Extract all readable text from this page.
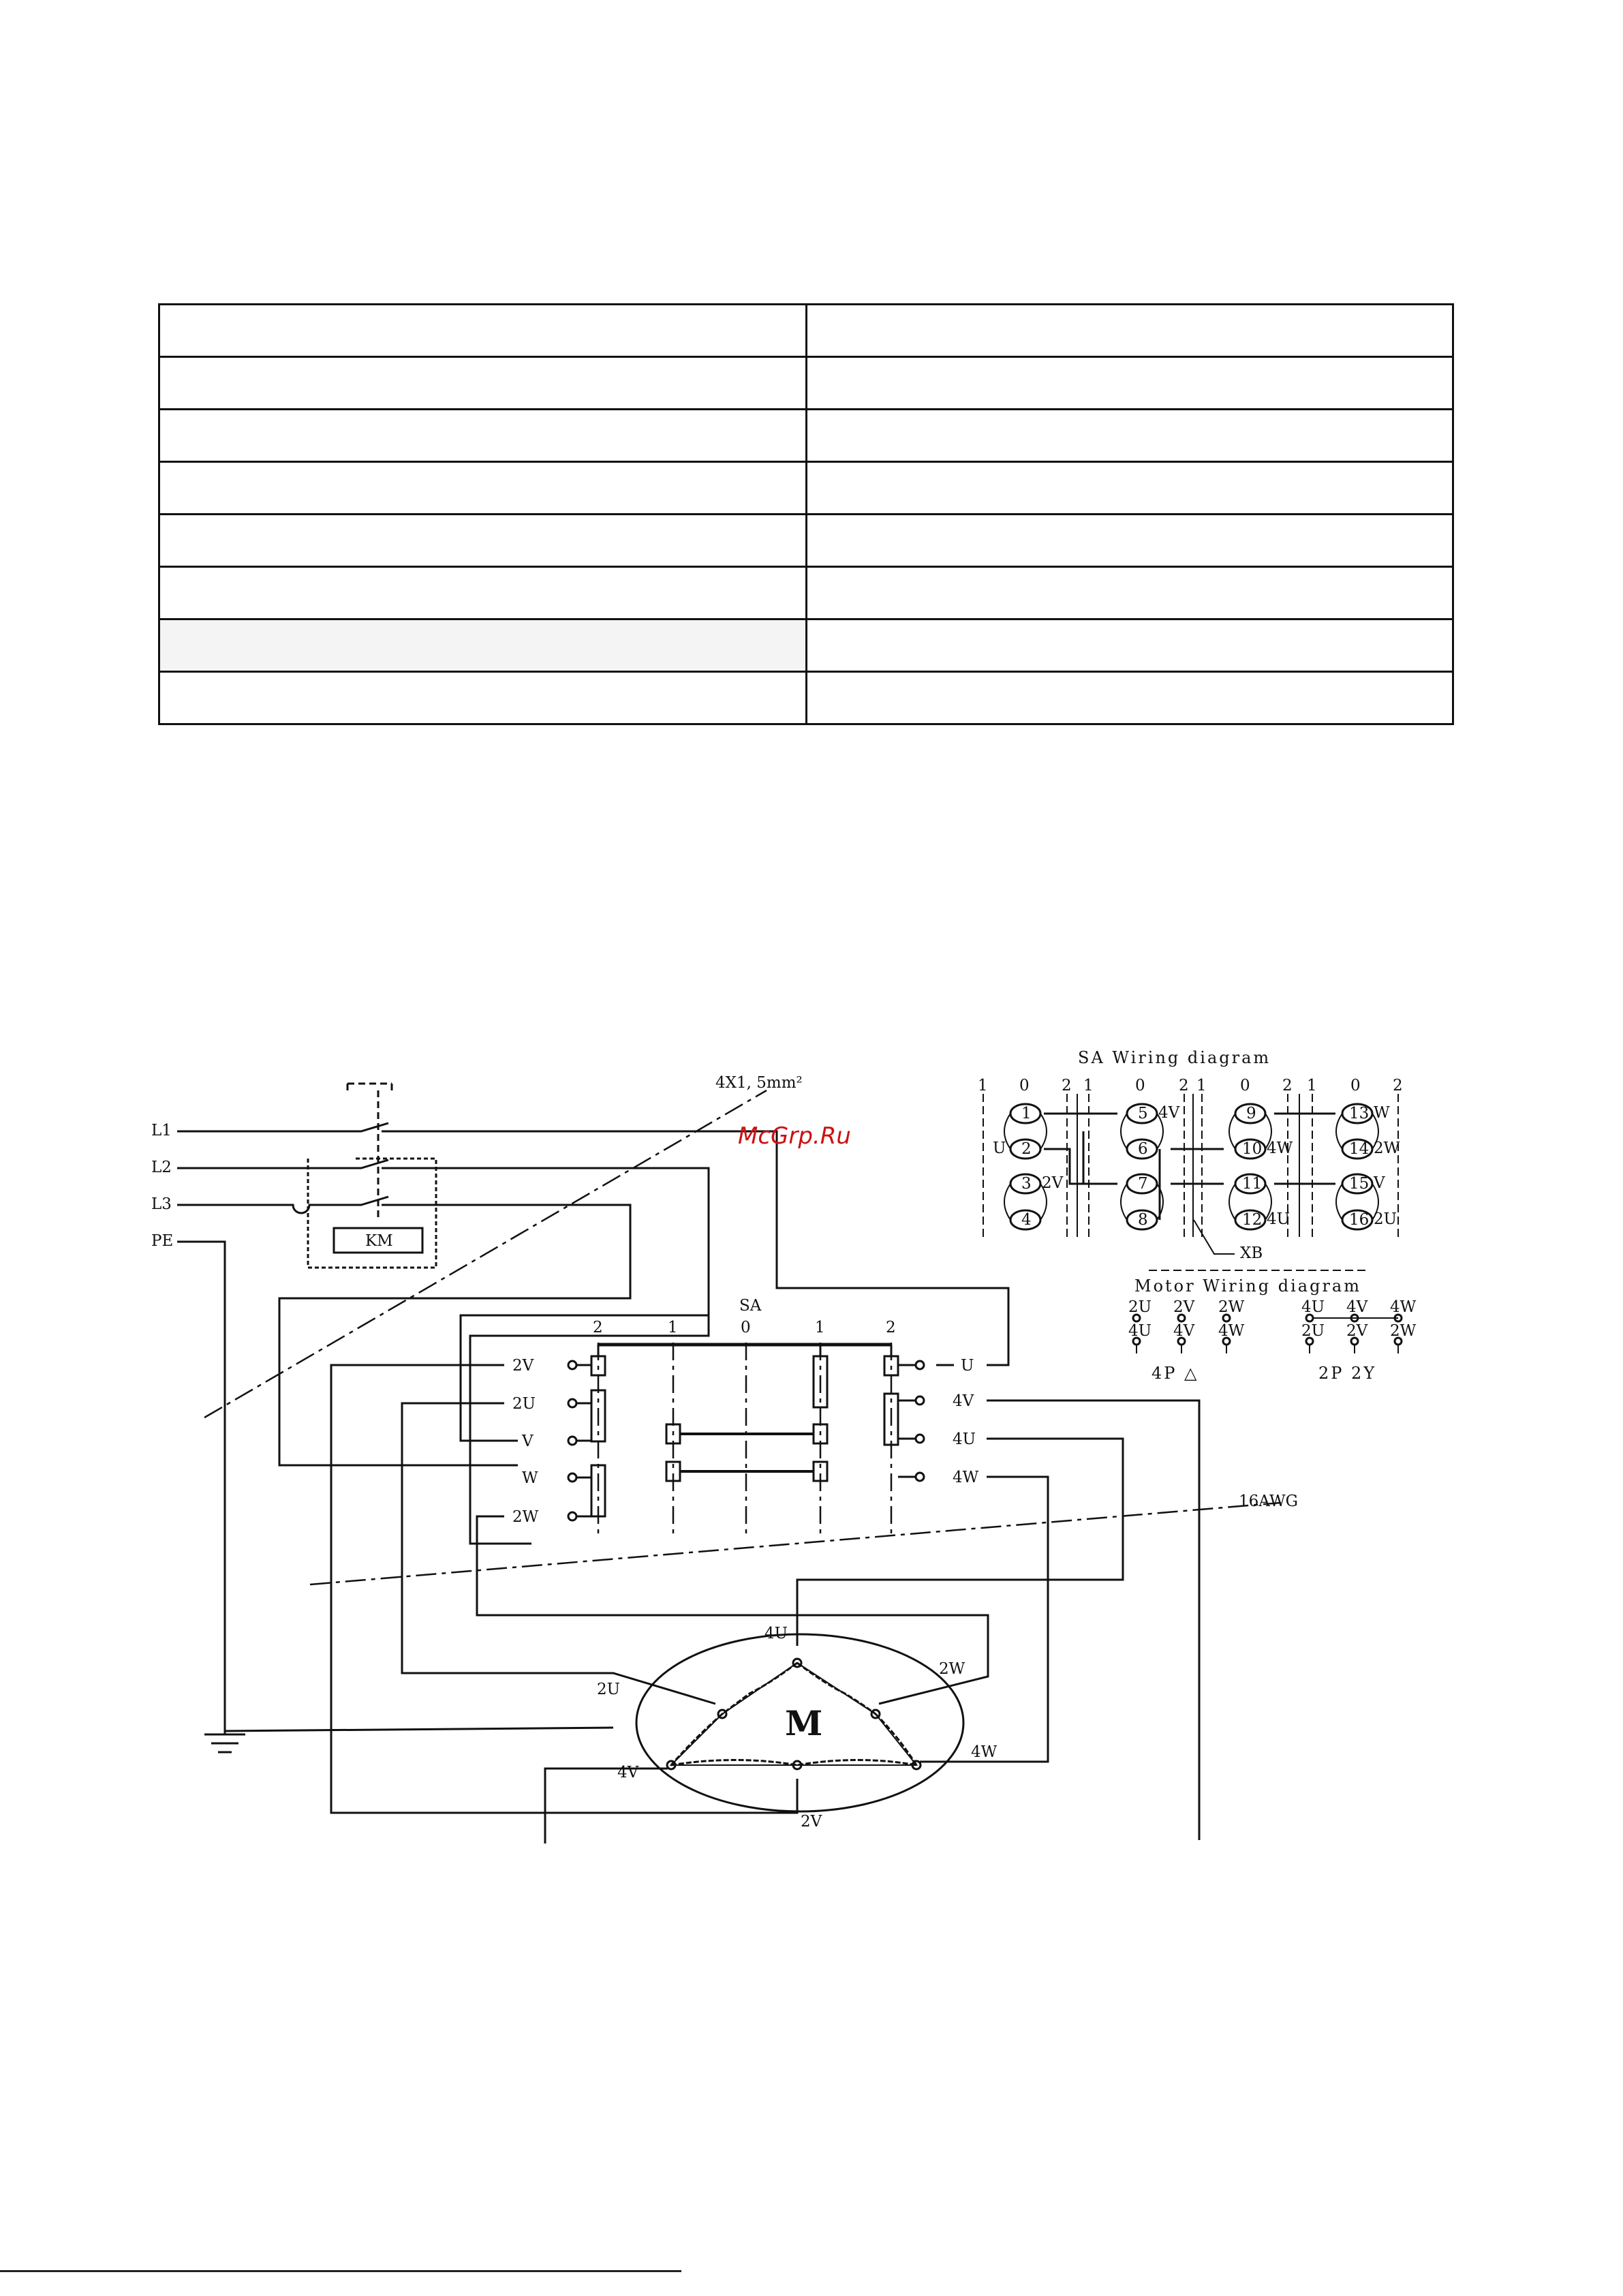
L1
L2
L3
PE	KM
4X1, 5mm²
16AWG
SA
2	1	0	1	2
2V
2U
V
W
2W
U
4V
4U
4W
M
4U
2U
2W
4V
4W
2V
SA Wiring diagram
1 0 2 1	0 2 1 0 2 1 0 2
1
2
U
3 2V
4
5 4V
6
7
8
9
10 4W
11
12 4U
13 W
14 2W
15 V
16 2U
XB
Motor Wiring diagram
2U 2V 2W
4U 4V 4W
4P △
4U 4V 4W
2U 2V 2W
2P 2Y
McGrp.Ru
